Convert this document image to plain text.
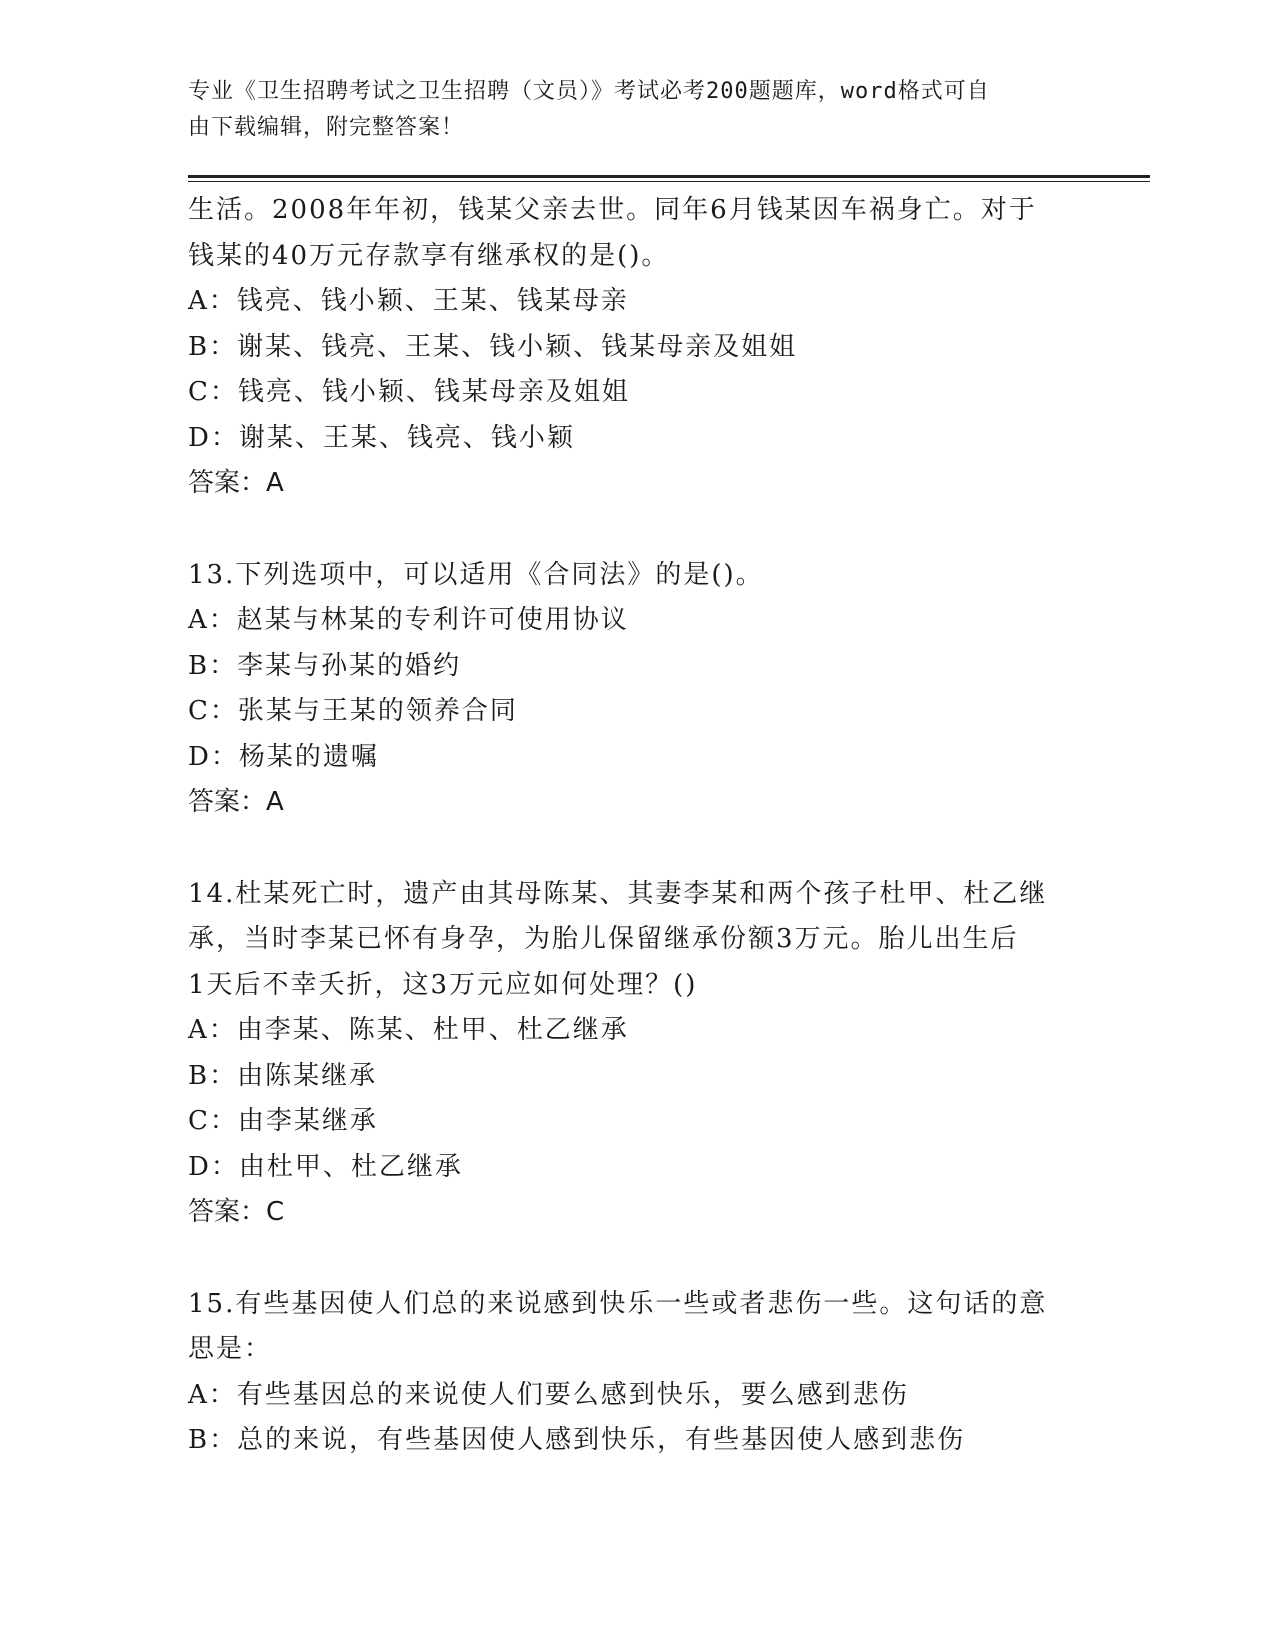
专业《卫生招聘考试之卫生招聘（文员）》考试必考200题题库，word格式可自
由下载编辑，附完整答案！
生活。2008年年初，钱某父亲去世。同年6月钱某因车祸身亡。对于
钱某的40万元存款享有继承权的是()。
A：钱亮、钱小颖、王某、钱某母亲
B：谢某、钱亮、王某、钱小颖、钱某母亲及姐姐
C：钱亮、钱小颖、钱某母亲及姐姐
D：谢某、王某、钱亮、钱小颖
答案：A
13.下列选项中，可以适用《合同法》的是()。
A：赵某与林某的专利许可使用协议
B：李某与孙某的婚约
C：张某与王某的领养合同
D：杨某的遗嘱
答案：A
14.杜某死亡时，遗产由其母陈某、其妻李某和两个孩子杜甲、杜乙继
承，当时李某已怀有身孕，为胎儿保留继承份额3万元。胎儿出生后
1天后不幸夭折，这3万元应如何处理？()
A：由李某、陈某、杜甲、杜乙继承
B：由陈某继承
C：由李某继承
D：由杜甲、杜乙继承
答案：C
15.有些基因使人们总的来说感到快乐一些或者悲伤一些。这句话的意
思是：
A：有些基因总的来说使人们要么感到快乐，要么感到悲伤
B：总的来说，有些基因使人感到快乐，有些基因使人感到悲伤
